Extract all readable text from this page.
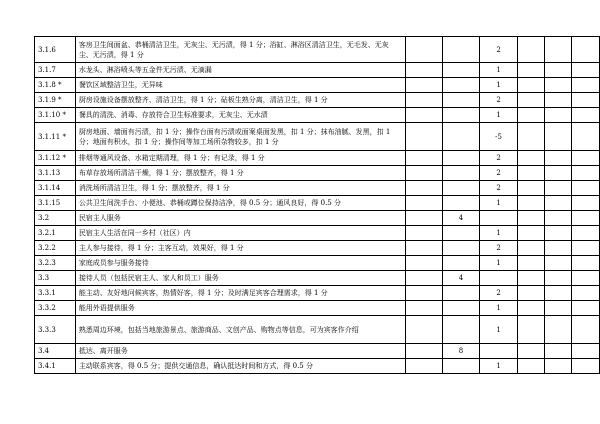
3.1.6	客房卫生间面盆、恭桶清洁卫生，无灰尘、无污渍，得 1 分；浴缸、淋浴区清洁卫生，无毛发、无灰尘、无污渍，得 1 分			2			
3.1.7	水龙头、淋浴喷头等五金件无污渍、无滴漏			1			
3.1.8 *	餐饮区域整洁卫生，无异味			1			
3.1.9 *	厨房设施设备摆放整齐、清洁卫生，得 1 分；砧板生熟分离，清洁卫生，得 1 分			2			
3.1.10 *	餐具的清洗、消毒、存放符合卫生标准要求，无灰尘、无水渍			1			
3.1.11 *	厨房地面、墙面有污渍，扣 1 分；操作台面有污渍或面案桌面发黑，扣 1 分；抹布油腻、发黑，扣 1 分；地面有积水，扣 1 分；操作间等加工场所杂物较多，扣 1 分			-5			
3.1.12 *	排烟等通风设备、水箱定期清理，得 1 分；有记录，得 1 分			2			
3.1.13	布草存放场所清洁干燥，得 1 分；摆放整齐，得 1 分			2			
3.1.14	消洗场所清洁卫生，得 1 分；摆放整齐，得 1 分			2			
3.1.15	公共卫生间洗手台、小便池、恭桶或蹲位保持洁净，得 0.5 分；通风良好，得 0.5 分			1			
3.2	民宿主人服务		4				
3.2.1	民宿主人生活在同一乡村（社区）内			1			
3.2.2	主人参与接待，得 1 分；主客互动，效果好，得 1 分			2			
3.2.3	家庭成员参与服务接待			1			
3.3	接待人员（包括民宿主人、家人和员工）服务		4				
3.3.1	能主动、友好地问候宾客，热情好客，得 1 分；及时满足宾客合理需求，得 1 分			2			
3.3.2	能用外语提供服务			1			
3.3.3	熟悉周边环境，包括当地旅游景点、旅游商品、文创产品、购物点等信息，可为宾客作介绍			1			
3.4	抵达、离开服务		8				
3.4.1	主动联系宾客，得 0.5 分；提供交通信息，确认抵达时间和方式，得 0.5 分			1			
